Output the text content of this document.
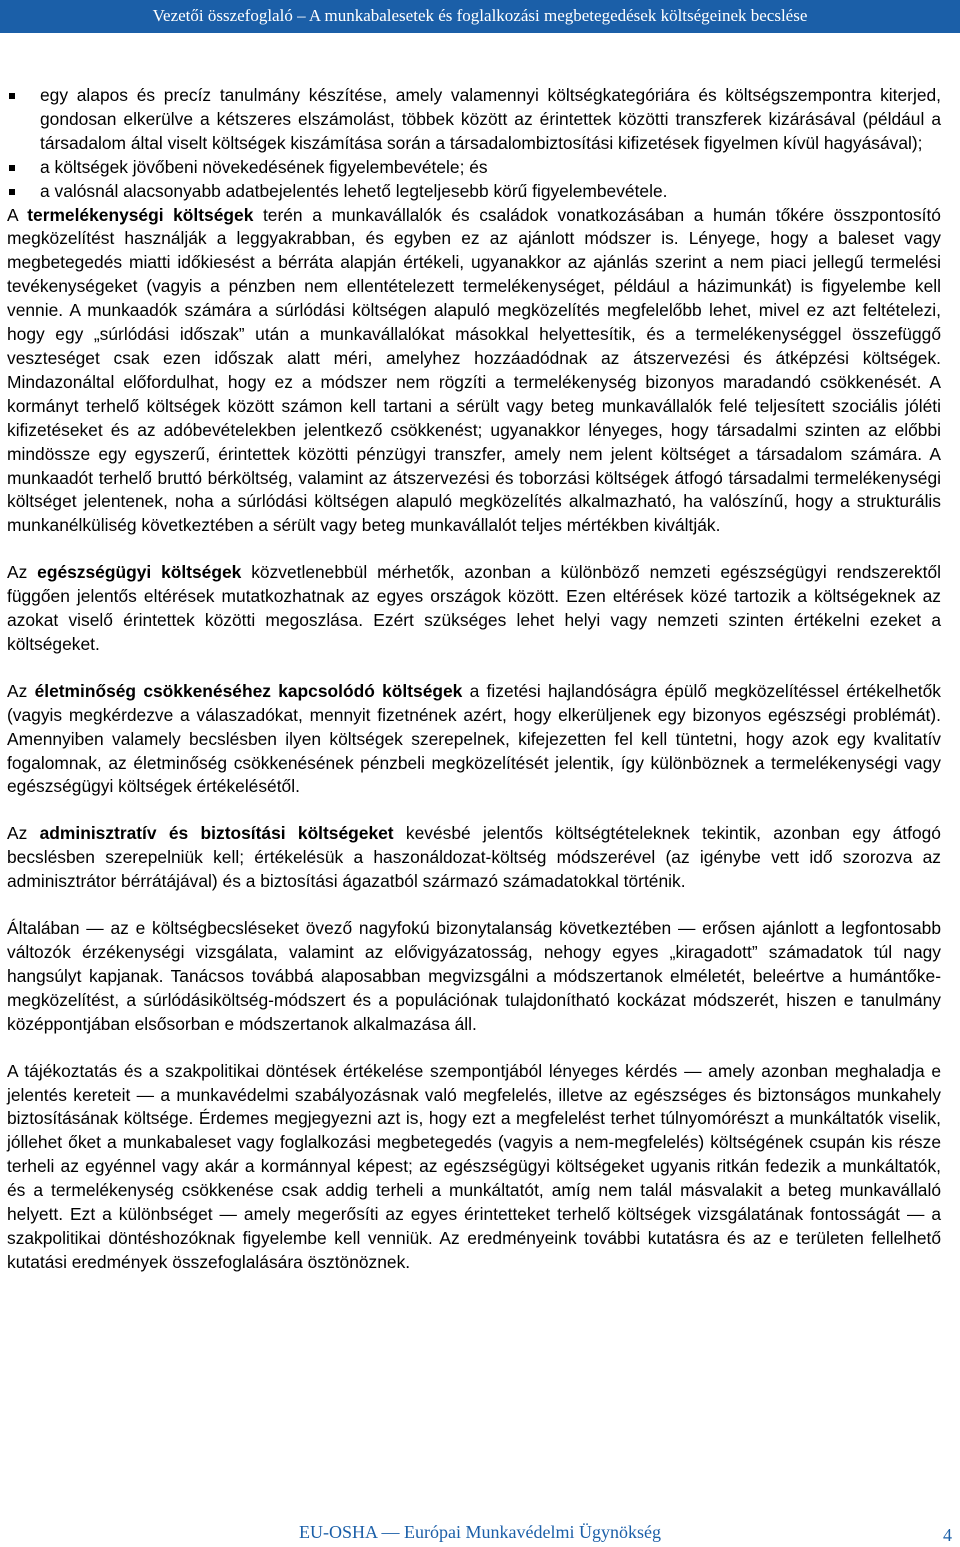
Vezetői összefoglaló – A munkabalesetek és foglalkozási megbetegedések költségeinek becslése
egy alapos és precíz tanulmány készítése, amely valamennyi költségkategóriára és költségszempontra kiterjed, gondosan elkerülve a kétszeres elszámolást, többek között az érintettek közötti transzferek kizárásával (például a társadalom által viselt költségek kiszámítása során a társadalombiztosítási kifizetések figyelmen kívül hagyásával);
a költségek jövőbeni növekedésének figyelembevétele; és
a valósnál alacsonyabb adatbejelentés lehető legteljesebb körű figyelembevétele.

A termelékenységi költségek terén a munkavállalók és családok vonatkozásában a humán tőkére összpontosító megközelítést használják a leggyakrabban, és egyben ez az ajánlott módszer is. Lényege, hogy a baleset vagy megbetegedés miatti időkiesést a bérráta alapján értékeli, ugyanakkor az ajánlás szerint a nem piaci jellegű termelési tevékenységeket (vagyis a pénzben nem ellentételezett termelékenységet, például a házimunkát) is figyelembe kell vennie. A munkaadók számára a súrlódási költségen alapuló megközelítés megfelelőbb lehet, mivel ez azt feltételezi, hogy egy „súrlódási időszak” után a munkavállalókat másokkal helyettesítik, és a termelékenységgel összefüggő veszteséget csak ezen időszak alatt méri, amelyhez hozzáadódnak az átszervezési és átképzési költségek. Mindazonáltal előfordulhat, hogy ez a módszer nem rögzíti a termelékenység bizonyos maradandó csökkenését. A kormányt terhelő költségek között számon kell tartani a sérült vagy beteg munkavállalók felé teljesített szociális jóléti kifizetéseket és az adóbevételekben jelentkező csökkenést; ugyanakkor lényeges, hogy társadalmi szinten az előbbi mindössze egy egyszerű, érintettek közötti pénzügyi transzfer, amely nem jelent költséget a társadalom számára. A munkaadót terhelő bruttó bérköltség, valamint az átszervezési és toborzási költségek átfogó társadalmi termelékenységi költséget jelentenek, noha a súrlódási költségen alapuló megközelítés alkalmazható, ha valószínű, hogy a strukturális munkanélküliség következtében a sérült vagy beteg munkavállalót teljes mértékben kiváltják.

Az egészségügyi költségek közvetlenebbül mérhetők, azonban a különböző nemzeti egészségügyi rendszerektől függően jelentős eltérések mutatkozhatnak az egyes országok között. Ezen eltérések közé tartozik a költségeknek az azokat viselő érintettek közötti megoszlása. Ezért szükséges lehet helyi vagy nemzeti szinten értékelni ezeket a költségeket.

Az életminőség csökkenéséhez kapcsolódó költségek a fizetési hajlandóságra épülő megközelítéssel értékelhetők (vagyis megkérdezve a válaszadókat, mennyit fizetnének azért, hogy elkerüljenek egy bizonyos egészségi problémát). Amennyiben valamely becslésben ilyen költségek szerepelnek, kifejezetten fel kell tüntetni, hogy azok egy kvalitatív fogalomnak, az életminőség csökkenésének pénzbeli megközelítését jelentik, így különböznek a termelékenységi vagy egészségügyi költségek értékelésétől.

Az adminisztratív és biztosítási költségeket kevésbé jelentős költségtételeknek tekintik, azonban egy átfogó becslésben szerepelniük kell; értékelésük a haszonáldozat-költség módszerével (az igénybe vett idő szorozva az adminisztrátor bérrátájával) és a biztosítási ágazatból származó számadatokkal történik.

Általában — az e költségbecsléseket övező nagyfokú bizonytalanság következtében — erősen ajánlott a legfontosabb változók érzékenységi vizsgálata, valamint az elővigyázatosság, nehogy egyes „kiragadott” számadatok túl nagy hangsúlyt kapjanak. Tanácsos továbbá alaposabban megvizsgálni a módszertanok elméletét, beleértve a humántőke-megközelítést, a súrlódásiköltség-módszert és a populációnak tulajdonítható kockázat módszerét, hiszen e tanulmány középpontjában elsősorban e módszertanok alkalmazása áll.

A tájékoztatás és a szakpolitikai döntések értékelése szempontjából lényeges kérdés — amely azonban meghaladja e jelentés kereteit — a munkavédelmi szabályozásnak való megfelelés, illetve az egészséges és biztonságos munkahely biztosításának költsége. Érdemes megjegyezni azt is, hogy ezt a megfelelést terhet túlnyomórészt a munkáltatók viselik, jóllehet őket a munkabaleset vagy foglalkozási megbetegedés (vagyis a nem-megfelelés) költségének csupán kis része terheli az egyénnel vagy akár a kormánnyal képest; az egészségügyi költségeket ugyanis ritkán fedezik a munkáltatók, és a termelékenység csökkenése csak addig terheli a munkáltatót, amíg nem talál másvalakit a beteg munkavállaló helyett. Ezt a különbséget — amely megerősíti az egyes érintetteket terhelő költségek vizsgálatának fontosságát — a szakpolitikai döntéshozóknak figyelembe kell venniük. Az eredményeink további kutatásra és az e területen fellelhető kutatási eredmények összefoglalására ösztönöznek.

EU-OSHA — Európai Munkavédelmi Ügynökség	4
